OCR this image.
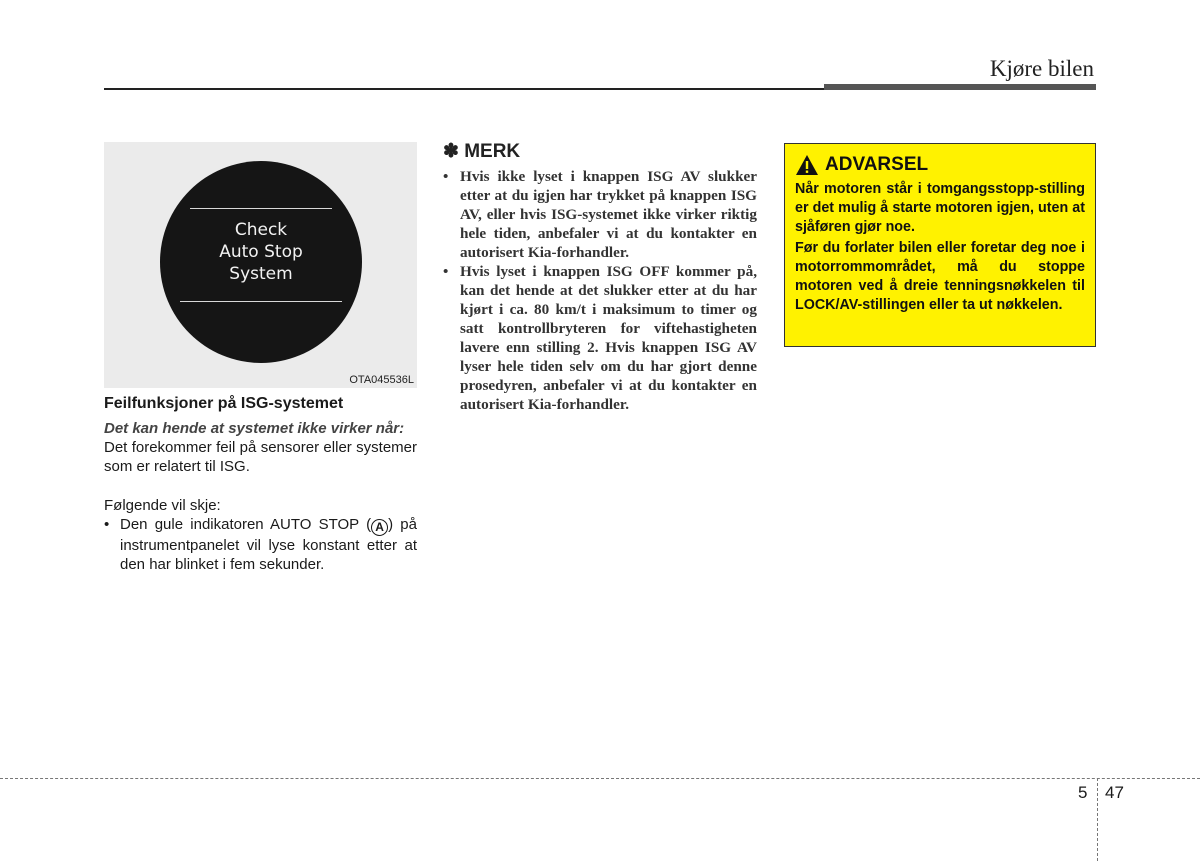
Kjøre bilen
Check
Auto Stop
System
OTA045536L

Feilfunksjoner på ISG-systemet

Det kan hende at systemet ikke virker når:

Det forekommer feil på sensorer eller systemer som er relatert til ISG.

Følgende vil skje:

• Den gule indikatoren AUTO STOP ( A ) på instrumentpanelet vil lyse konstant etter at den har blinket i fem sekunder.

✽ MERK

• Hvis ikke lyset i knappen ISG AV slukker etter at du igjen har trykket på knappen ISG AV, eller hvis ISG-systemet ikke virker riktig hele tiden, anbefaler vi at du kontakter en autorisert Kia-forhandler.
• Hvis lyset i knappen ISG OFF kommer på, kan det hende at det slukker etter at du har kjørt i ca. 80 km/t i maksimum to timer og satt kontrollbryteren for viftehastigheten lavere enn stilling 2. Hvis knappen ISG AV lyser hele tiden selv om du har gjort denne prosedyren, anbefaler vi at du kontakter en autorisert Kia-forhandler.
ADVARSEL

Når motoren står i tomgangsstopp-stilling er det mulig å starte motoren igjen, uten at sjåføren gjør noe.

Før du forlater bilen eller foretar deg noe i motorrommområdet, må du stoppe motoren ved å dreie tenningsnøkkelen til LOCK/AV-stillingen eller ta ut nøkkelen.

5 47
